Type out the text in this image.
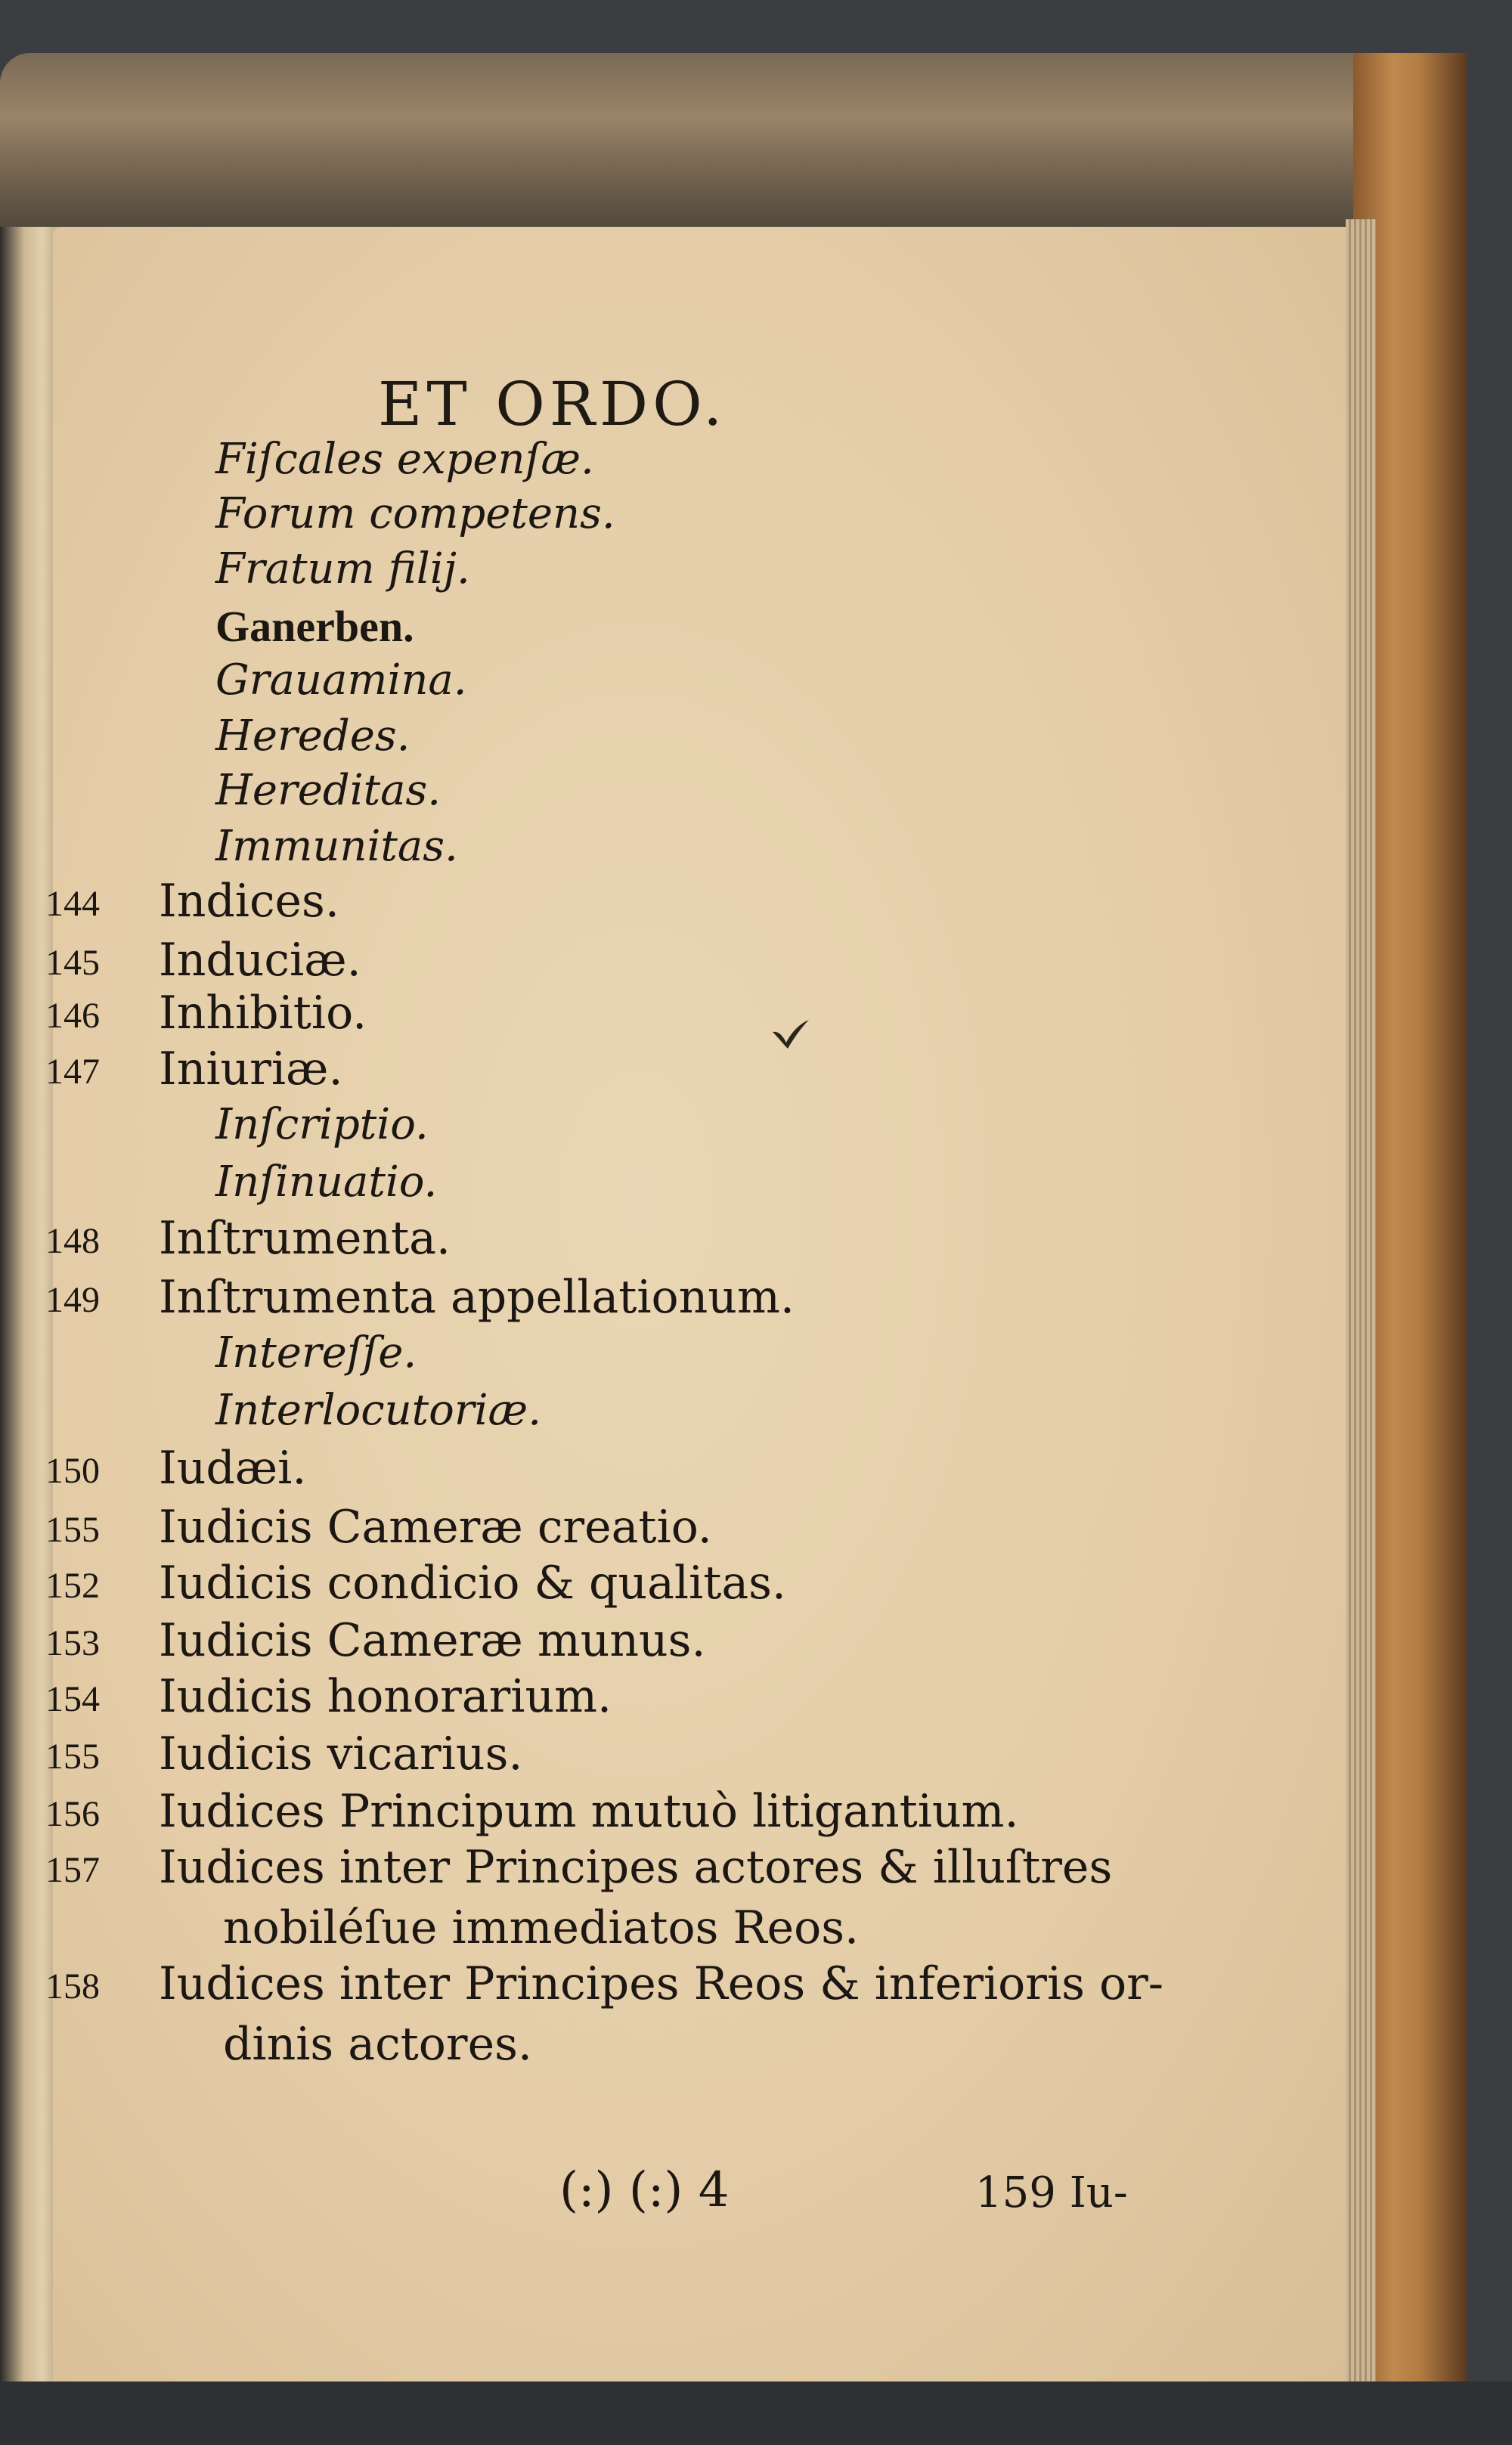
ET ORDO.
Fiſcales expenſæ.
Forum competens.
Fratum filij.
Ganerben.
Grauamina.
Heredes.
Hereditas.
Immunitas.
144	Indices.
145	Induciæ.
146	Inhibitio.
147	Iniuriæ.
Inſcriptio.
Inſinuatio.
148	Inſtrumenta.
149	Inſtrumenta appellationum.
Intereſſe.
Interlocutoriæ.
150	Iudæi.
155	Iudicis Cameræ creatio.
152	Iudicis condicio & qualitas.
153	Iudicis Cameræ munus.
154	Iudicis honorarium.
155	Iudicis vicarius.
156	Iudices Principum mutuò litigantium.
157	Iudices inter Principes actores & illuſtres
nobiléſue immediatos Reos.
158	Iudices inter Principes Reos & inferioris or-
dinis actores.
(:) (:) 4	159 Iu-
